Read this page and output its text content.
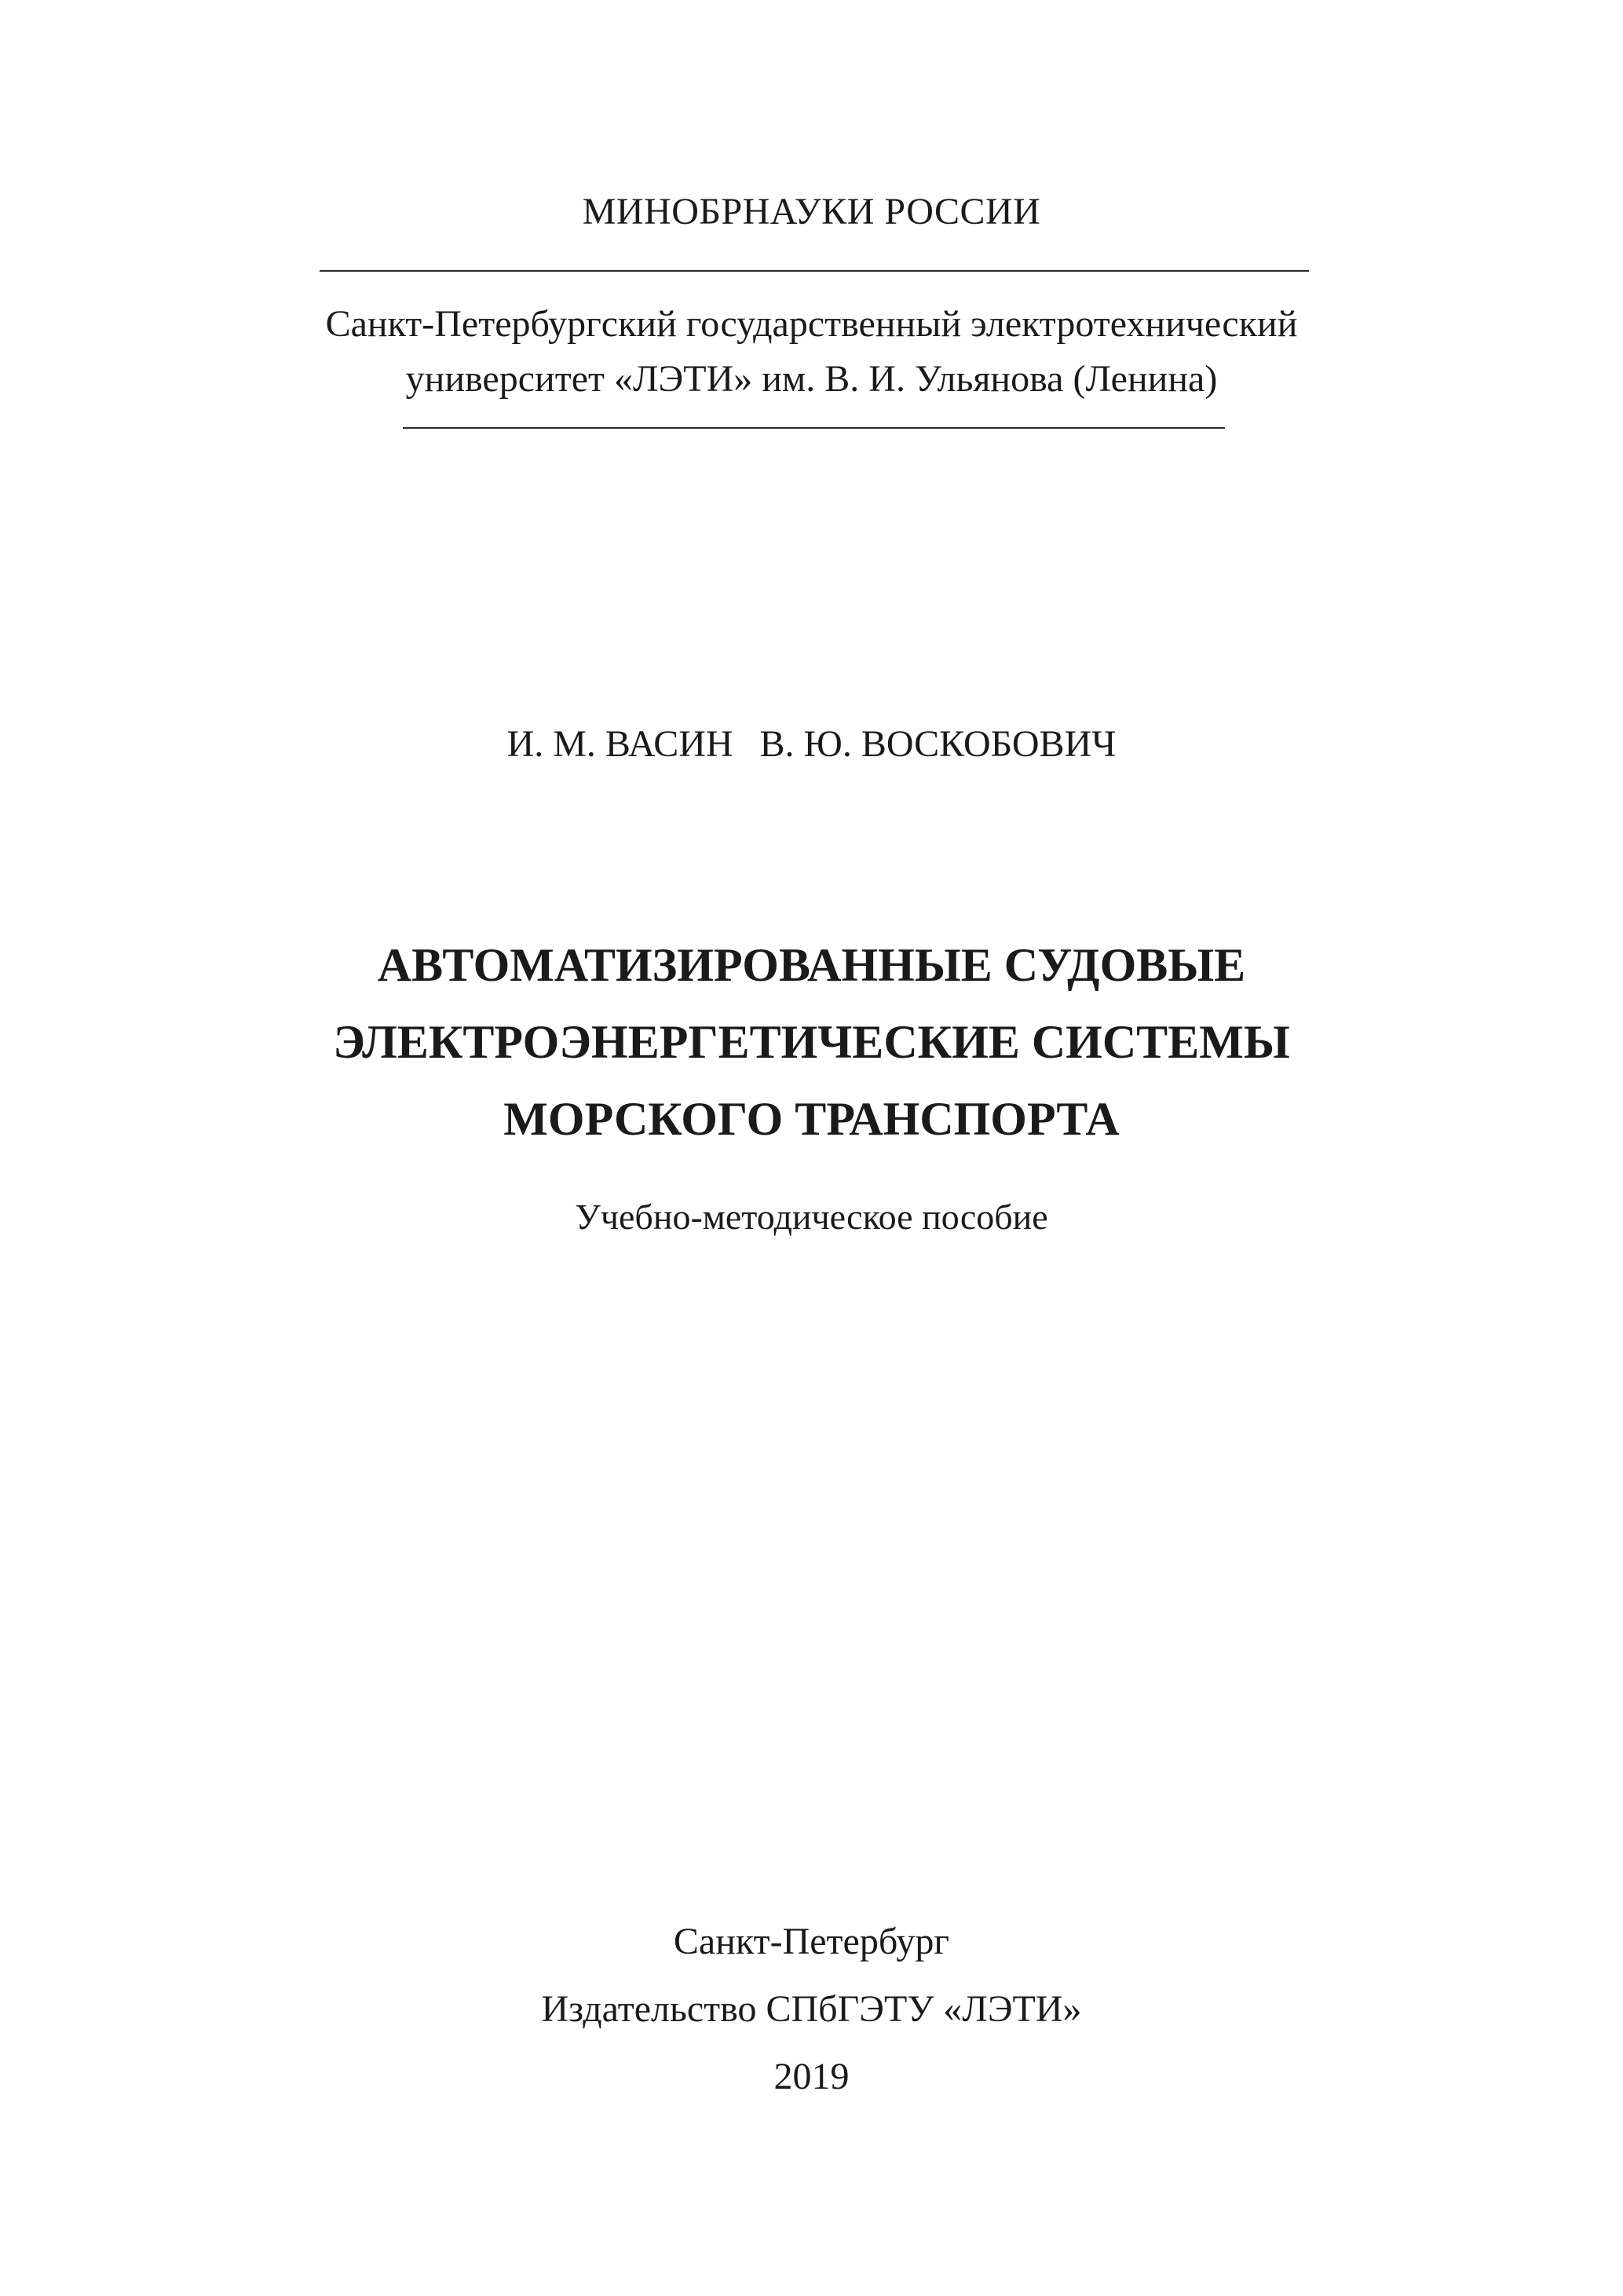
МИНОБРНАУКИ РОССИИ
Санкт-Петербургский государственный электротехнический
университет «ЛЭТИ» им. В. И. Ульянова (Ленина)
И. М. ВАСИН В. Ю. ВОСКОБОВИЧ
АВТОМАТИЗИРОВАННЫЕ СУДОВЫЕ
ЭЛЕКТРОЭНЕРГЕТИЧЕСКИЕ СИСТЕМЫ
МОРСКОГО ТРАНСПОРТА
Учебно-методическое пособие
Санкт-Петербург
Издательство СПбГЭТУ «ЛЭТИ»
2019
